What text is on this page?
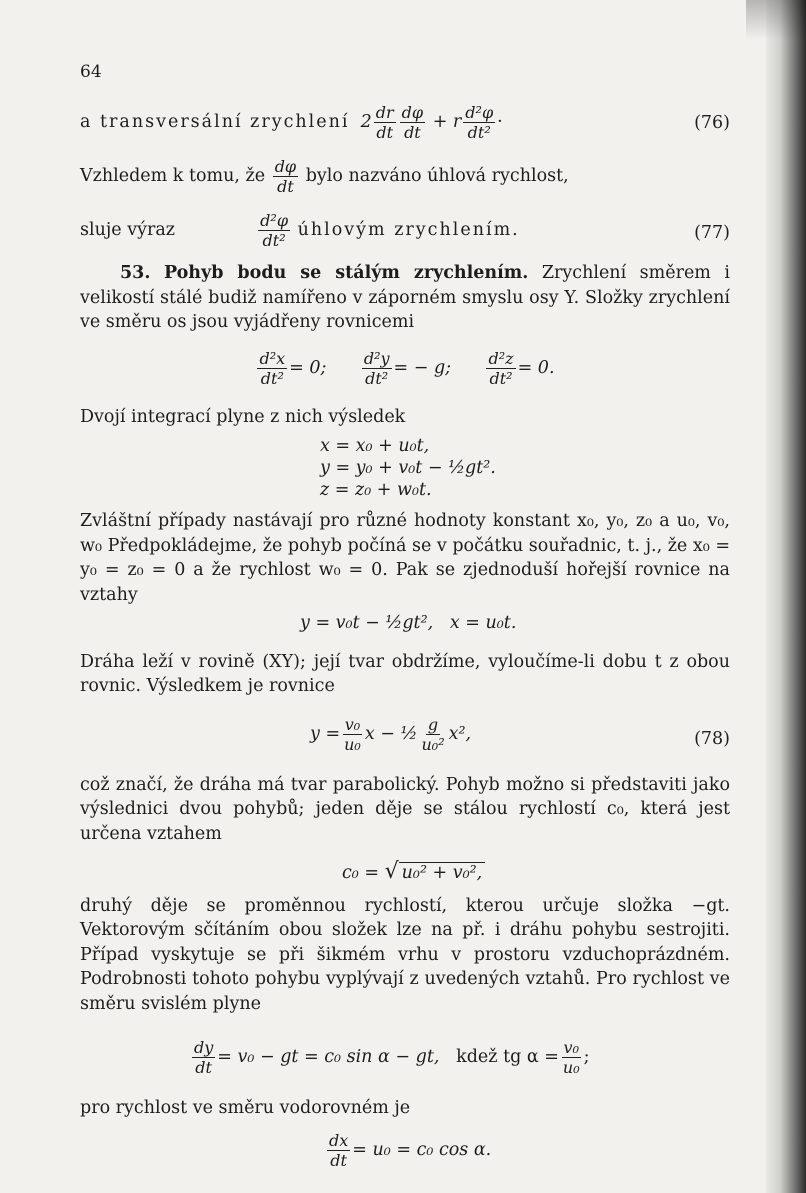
64
a transversální zrychlení $2 \frac{dr}{dt} \frac{d\varphi}{dt} + r \frac{\text{d²φ}}{\text{dt²}}$ ·	(76)
Vzhledem k tomu, že $\frac{d\varphi}{dt}$ bylo nazváno úhlová rychlost,
sluje výraz	$\frac{\text{d²φ}}{\text{dt²}}$ úhlovým zrychlením.	(77)

53. Pohyb bodu se stálým zrychlením. Zrychlení směrem i velikostí stálé budiž namířeno v záporném smyslu osy Y. Složky zrychlení ve směru os jsou vyjádřeny rovnicemi

$\frac{\text{d²x}}{\text{dt²}} = 0$; $\frac{\text{d²y}}{\text{dt²}}$ = − g; $\frac{\text{d²z}}{\text{dt²}} = 0$.

Dvojí integrací plyne z nich výsledek

x = x₀ + u₀t,
y = y₀ + v₀t − ½gt².
z = z₀ + w₀t.

Zvláštní případy nastávají pro různé hodnoty konstant x₀, y₀, z₀ a u₀, v₀, w₀ Předpokládejme, že pohyb počíná se v počátku souřadnic, t. j., že x₀ = y₀ = z₀ = 0 a že rychlost w₀ = 0. Pak se zjednoduší hořejší rovnice na vztahy

y = v₀t − ½gt²,   x = u₀t.

Dráha leží v rovině (XY); její tvar obdržíme, vyloučíme-li dobu t z obou rovnic. Výsledkem je rovnice

$y = \frac{\text{v₀}}{\text{u₀}}$ x − ½ $\frac{g}{\text{u₀²}} x^2$,	(78)

což značí, že dráha má tvar parabolický. Pohyb možno si představiti jako výslednici dvou pohybů; jeden děje se stálou rychlostí c₀, která jest určena vztahem

c₀ = √ u₀² + v₀²,

druhý děje se proměnnou rychlostí, kterou určuje složka −gt. Vektorovým sčítáním obou složek lze na př. i dráhu pohybu sestrojiti. Případ vyskytuje se při šikmém vrhu v prostoru vzduchoprázdném. Podrobnosti tohoto pohybu vyplývají z uvedených vztahů. Pro rychlost ve směru svislém plyne

$\frac{dy}{dt} = v_0$ − gt = c₀ sin α − gt, kdež tg $\alpha = \frac{\text{v₀}}{\text{u₀}}$ ;

pro rychlost ve směru vodorovném je

$\frac{dx}{dt} = u_0 = c_0$ cos α.
